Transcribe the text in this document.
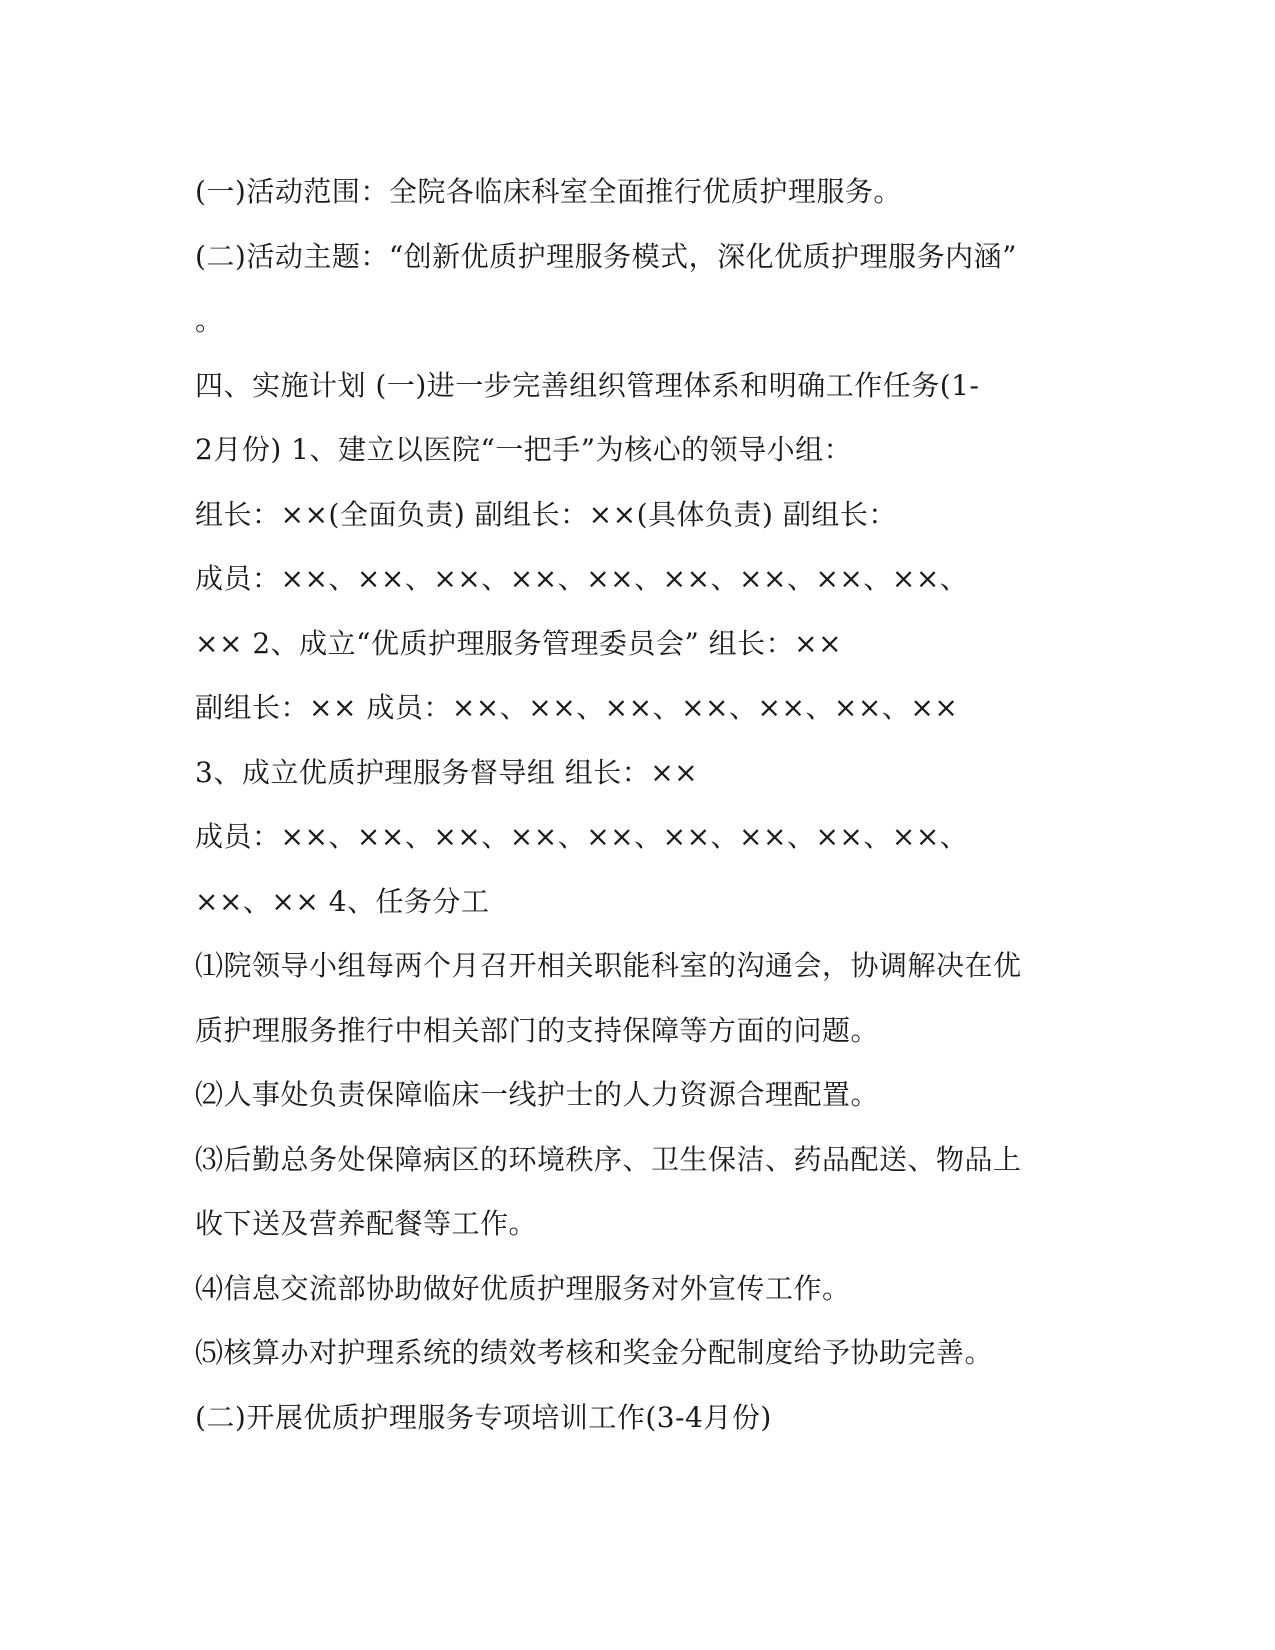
(一)活动范围：全院各临床科室全面推行优质护理服务。
(二)活动主题：“创新优质护理服务模式，深化优质护理服务内涵”
。
四、实施计划 (一)进一步完善组织管理体系和明确工作任务(1-
2月份) 1、建立以医院“一把手”为核心的领导小组：
组长：××(全面负责) 副组长：××(具体负责) 副组长：
成员：××、××、××、××、××、××、××、××、××、
×× 2、成立“优质护理服务管理委员会” 组长：××
副组长：×× 成员：××、××、××、××、××、××、××
3、成立优质护理服务督导组 组长：××
成员：××、××、××、××、××、××、××、××、××、
××、×× 4、任务分工
⑴院领导小组每两个月召开相关职能科室的沟通会，协调解决在优
质护理服务推行中相关部门的支持保障等方面的问题。
⑵人事处负责保障临床一线护士的人力资源合理配置。
⑶后勤总务处保障病区的环境秩序、卫生保洁、药品配送、物品上
收下送及营养配餐等工作。
⑷信息交流部协助做好优质护理服务对外宣传工作。
⑸核算办对护理系统的绩效考核和奖金分配制度给予协助完善。
(二)开展优质护理服务专项培训工作(3-4月份)
